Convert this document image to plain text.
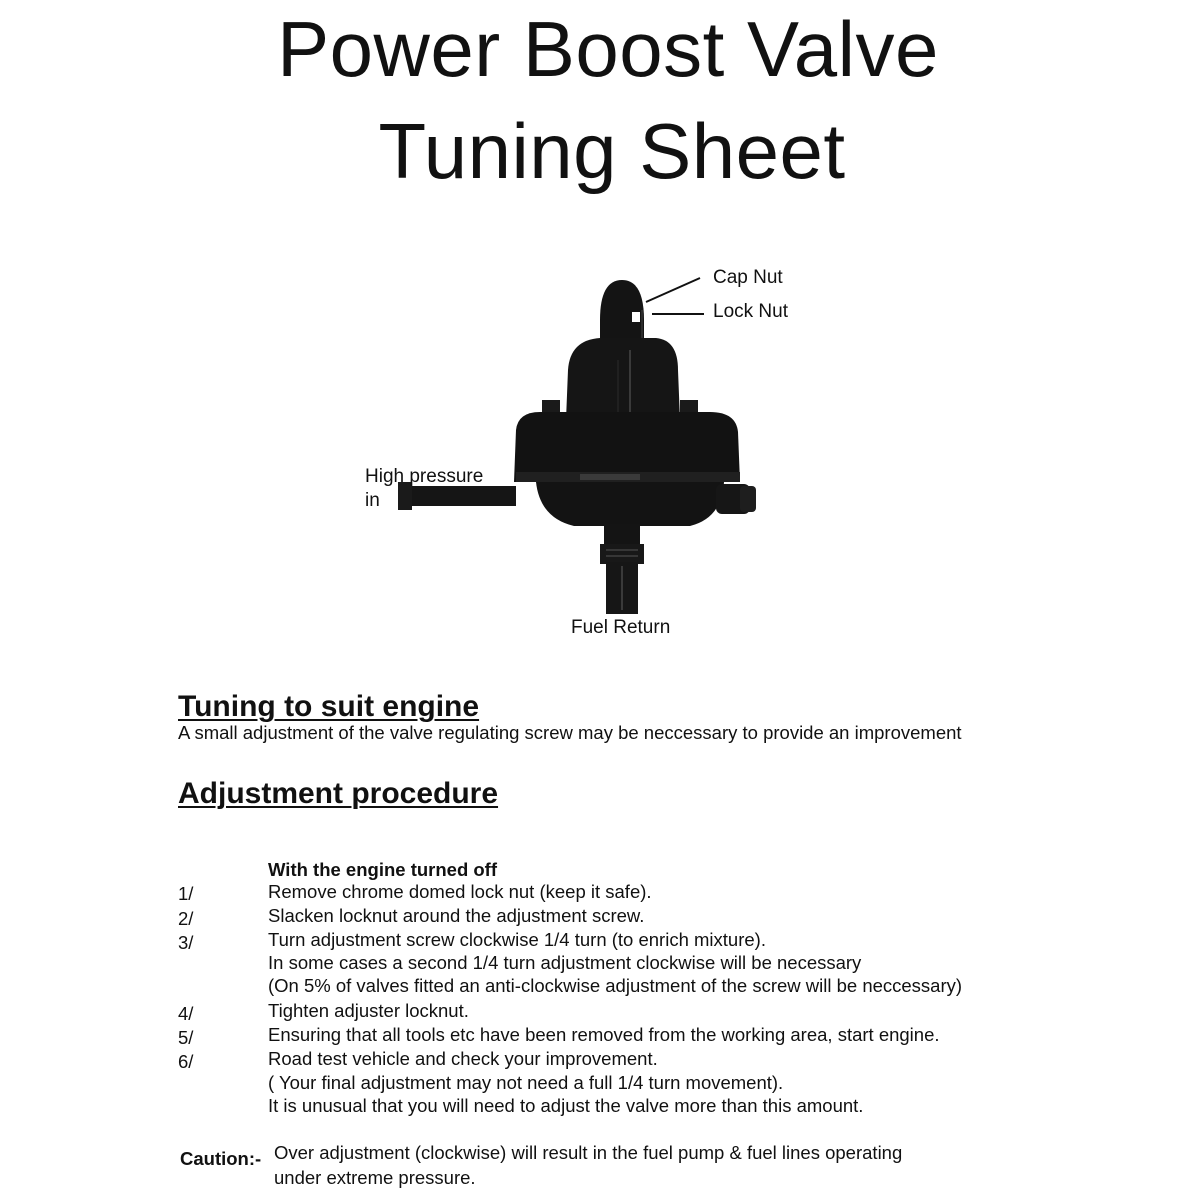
Power Boost Valve
Tuning Sheet
Cap Nut
Lock Nut
High pressure
in
Fuel Return
Tuning to suit engine
A small adjustment of the valve regulating screw may be neccessary to provide an improvement
Adjustment procedure
With the engine turned off
1/	Remove chrome domed lock nut (keep it safe).
2/	Slacken locknut around the adjustment screw.
3/	Turn adjustment screw clockwise 1/4 turn (to enrich mixture).
In some cases a second 1/4 turn adjustment clockwise will be necessary
(On 5% of valves fitted an anti-clockwise adjustment of the screw will be neccessary)
4/	Tighten adjuster locknut.
5/	Ensuring that all tools etc have been removed from the working area, start engine.
6/	Road test vehicle and check your improvement.
( Your final adjustment may not need a full 1/4 turn movement).
It is unusual that you will need to adjust the valve more than this amount.
Caution:- Over adjustment (clockwise) will result in the fuel pump & fuel lines operating
under extreme pressure.
